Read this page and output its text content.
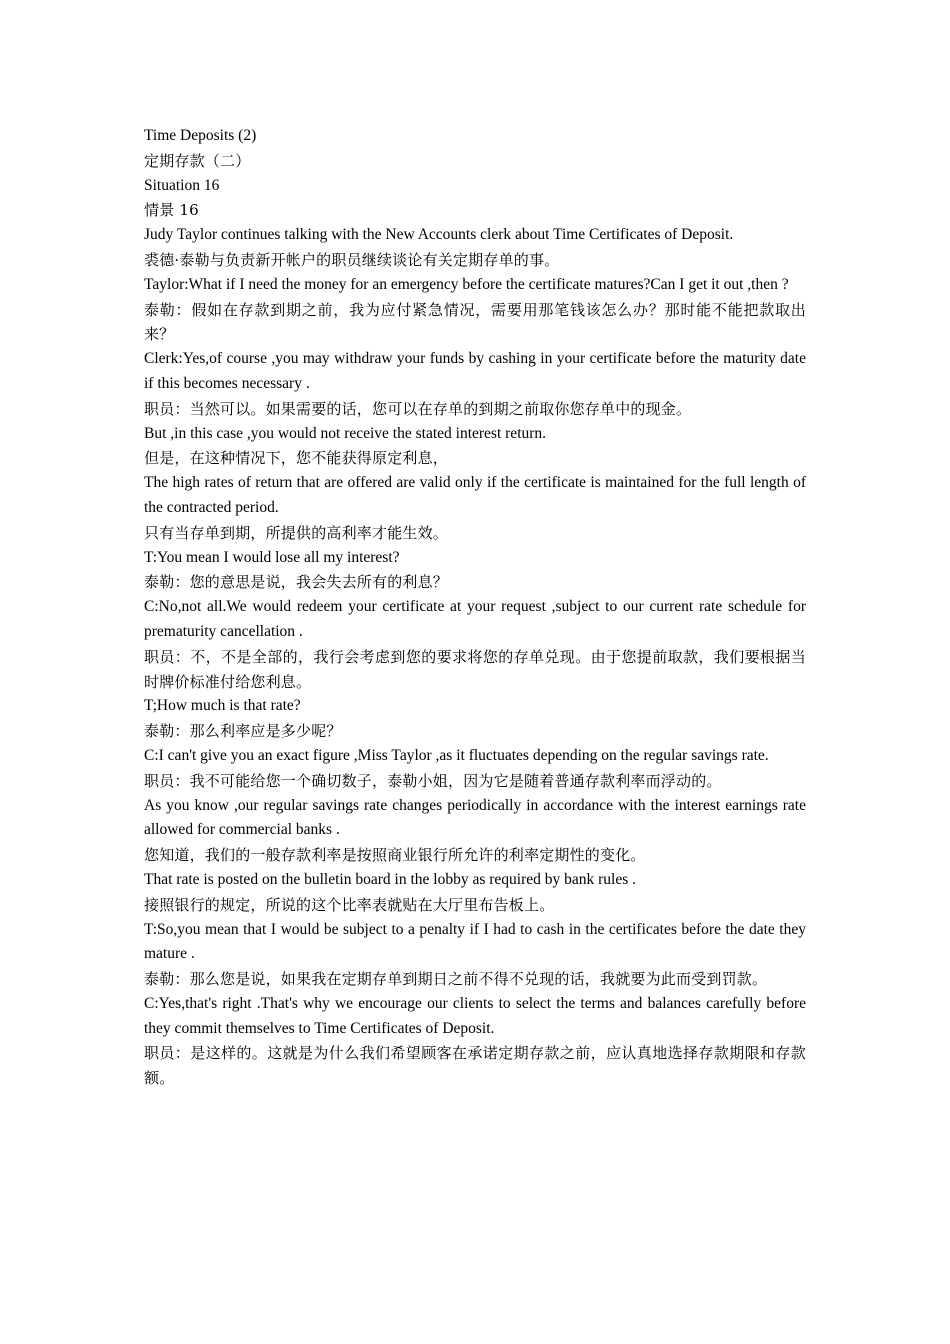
Time Deposits (2)

定期存款（二）

Situation 16

情景 16

Judy Taylor continues talking with the New Accounts clerk about Time Certificates of Deposit.

裘德·泰勒与负责新开帐户的职员继续谈论有关定期存单的事。

Taylor:What if I need the money for an emergency before the certificate matures?Can I get it out ,then ?

泰勒：假如在存款到期之前，我为应付紧急情况，需要用那笔钱该怎么办？那时能不能把款取出来？

Clerk:Yes,of course ,you may withdraw your funds by cashing in your certificate before the maturity date if this becomes necessary .

职员：当然可以。如果需要的话，您可以在存单的到期之前取你您存单中的现金。

But ,in this case ,you would not receive the stated interest return.

但是，在这种情况下，您不能获得原定利息，

The high rates of return that are offered are valid only if the certificate is maintained for the full length of the contracted period.

只有当存单到期，所提供的高利率才能生效。

T:You mean I would lose all my interest?

泰勒：您的意思是说，我会失去所有的利息？

C:No,not all.We would redeem your certificate at your request ,subject to our current rate schedule for prematurity cancellation .

职员：不，不是全部的，我行会考虑到您的要求将您的存单兑现。由于您提前取款，我们要根据当时牌价标准付给您利息。

T;How much is that rate?

泰勒：那么利率应是多少呢？

C:I can't give you an exact figure ,Miss Taylor ,as it fluctuates depending on the regular savings rate.

职员：我不可能给您一个确切数子，泰勒小姐，因为它是随着普通存款利率而浮动的。

As you know ,our regular savings rate changes periodically in accordance with the interest earnings rate allowed for commercial banks .

您知道，我们的一般存款利率是按照商业银行所允许的利率定期性的变化。

That rate is posted on the bulletin board in the lobby as required by bank rules .

接照银行的规定，所说的这个比率表就贴在大厅里布告板上。

T:So,you mean that I would be subject to a penalty if I had to cash in the certificates before the date they mature .

泰勒：那么您是说，如果我在定期存单到期日之前不得不兑现的话，我就要为此而受到罚款。

C:Yes,that's right .That's why we encourage our clients to select the terms and balances carefully before they commit themselves to Time Certificates of Deposit.

职员：是这样的。这就是为什么我们希望顾客在承诺定期存款之前，应认真地选择存款期限和存款额。
